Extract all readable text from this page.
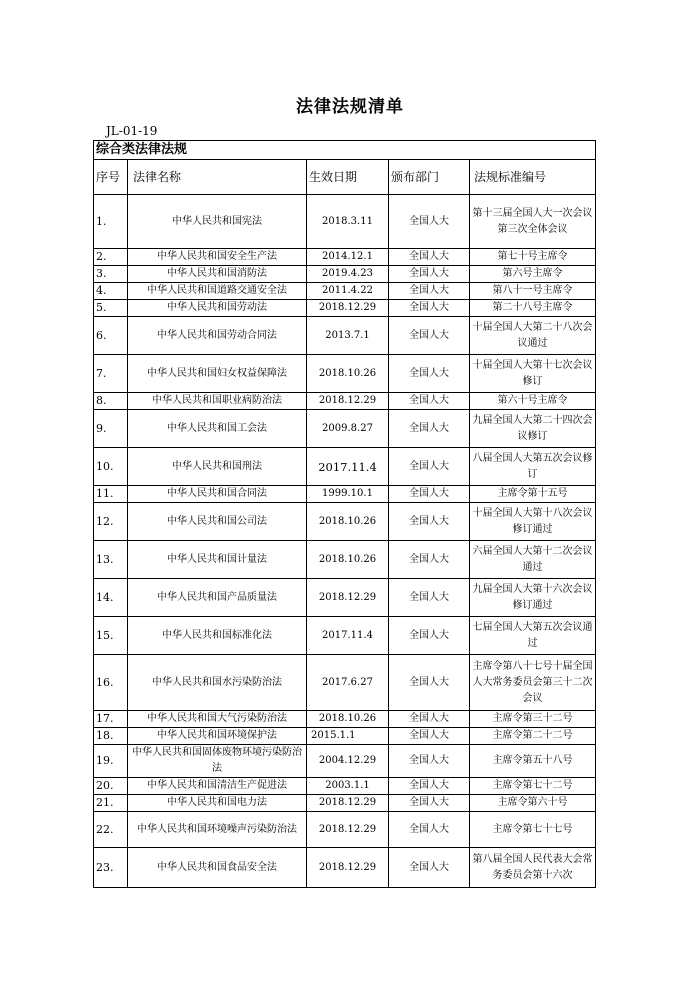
法律法规清单
JL-01-19
综合类法律法规				
序号	法律名称	生效日期	颁布部门	法规标准编号
1.	中华人民共和国宪法	2018.3.11	全国人大	第十三届全国人大一次会议第三次全体会议
2.	中华人民共和国安全生产法	2014.12.1	全国人大	第七十号主席令
3.	中华人民共和国消防法	2019.4.23	全国人大	第六号主席令
4.	中华人民共和国道路交通安全法	2011.4.22	全国人大	第八十一号主席令
5.	中华人民共和国劳动法	2018.12.29	全国人大	第二十八号主席令
6.	中华人民共和国劳动合同法	2013.7.1	全国人大	十届全国人大第二十八次会议通过
7.	中华人民共和国妇女权益保障法	2018.10.26	全国人大	十届全国人大第十七次会议修订
8.	中华人民共和国职业病防治法	2018.12.29	全国人大	第六十号主席令
9.	中华人民共和国工会法	2009.8.27	全国人大	九届全国人大第二十四次会议修订
10.	中华人民共和国刑法	2017.11.4	全国人大	八届全国人大第五次会议修订
11.	中华人民共和国合同法	1999.10.1	全国人大	主席令第十五号
12.	中华人民共和国公司法	2018.10.26	全国人大	十届全国人大第十八次会议修订通过
13.	中华人民共和国计量法	2018.10.26	全国人大	六届全国人大第十二次会议通过
14.	中华人民共和国产品质量法	2018.12.29	全国人大	九届全国人大第十六次会议修订通过
15.	中华人民共和国标准化法	2017.11.4	全国人大	七届全国人大第五次会议通过
16.	中华人民共和国水污染防治法	2017.6.27	全国人大	主席令第八十七号十届全国人大常务委员会第三十二次会议
17.	中华人民共和国大气污染防治法	2018.10.26	全国人大	主席令第三十二号
18.	中华人民共和国环境保护法	2015.1.1	全国人大	主席令第二十二号
19.	中华人民共和国固体废物环境污染防治法	2004.12.29	全国人大	主席令第五十八号
20.	中华人民共和国清洁生产促进法	2003.1.1	全国人大	主席令第七十二号
21.	中华人民共和国电力法	2018.12.29	全国人大	主席令第六十号
22.	中华人民共和国环境噪声污染防治法	2018.12.29	全国人大	主席令第七十七号
23.	中华人民共和国食品安全法	2018.12.29	全国人大	第八届全国人民代表大会常务委员会第十六次
